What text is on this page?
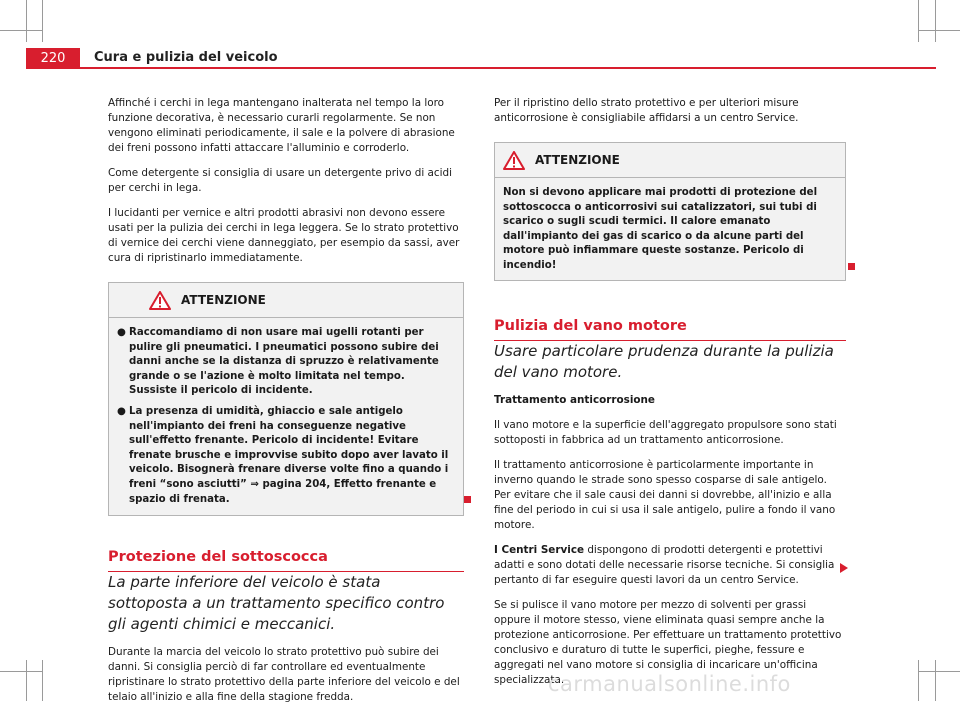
220 Cura e pulizia del veicolo

Affinché i cerchi in lega mantengano inalterata nel tempo la loro funzione decorativa, è necessario curarli regolarmente. Se non vengono eliminati periodicamente, il sale e la polvere di abrasione dei freni possono infatti attaccare l'alluminio e corroderlo.

Come detergente si consiglia di usare un detergente privo di acidi per cerchi in lega.

I lucidanti per vernice e altri prodotti abrasivi non devono essere usati per la pulizia dei cerchi in lega leggera. Se lo strato protettivo di vernice dei cerchi viene danneggiato, per esempio da sassi, aver cura di ripristinarlo immediatamente.

ATTENZIONE
● Raccomandiamo di non usare mai ugelli rotanti per pulire gli pneumatici. I pneumatici possono subire dei danni anche se la distanza di spruzzo è relativamente grande o se l'azione è molto limitata nel tempo. Sussiste il pericolo di incidente.
● La presenza di umidità, ghiaccio e sale antigelo nell'impianto dei freni ha conseguenze negative sull'effetto frenante. Pericolo di incidente! Evitare frenate brusche e improvvise subito dopo aver lavato il veicolo. Bisognerà frenare diverse volte fino a quando i freni “sono asciutti” ⇒ pagina 204, Effetto frenante e spazio di frenata.
Protezione del sottoscocca

La parte inferiore del veicolo è stata sottoposta a un trattamento specifico contro gli agenti chimici e meccanici.

Durante la marcia del veicolo lo strato protettivo può subire dei danni. Si consiglia perciò di far controllare ed eventualmente ripristinare lo strato protettivo della parte inferiore del veicolo e del telaio all'inizio e alla fine della stagione fredda.

Per il ripristino dello strato protettivo e per ulteriori misure anticorrosione è consigliabile affidarsi a un centro Service.

ATTENZIONE
Non si devono applicare mai prodotti di protezione del sottoscocca o anticorrosivi sui catalizzatori, sui tubi di scarico o sugli scudi termici. Il calore emanato dall'impianto dei gas di scarico o da alcune parti del motore può infiammare queste sostanze. Pericolo di incendio!
Pulizia del vano motore

Usare particolare prudenza durante la pulizia del vano motore.

Trattamento anticorrosione

Il vano motore e la superficie dell'aggregato propulsore sono stati sottoposti in fabbrica ad un trattamento anticorrosione.

Il trattamento anticorrosione è particolarmente importante in inverno quando le strade sono spesso cosparse di sale antigelo. Per evitare che il sale causi dei danni si dovrebbe, all'inizio e alla fine del periodo in cui si usa il sale antigelo, pulire a fondo il vano motore.

I Centri Service dispongono di prodotti detergenti e protettivi adatti e sono dotati delle necessarie risorse tecniche. Si consiglia pertanto di far eseguire questi lavori da un centro Service.

Se si pulisce il vano motore per mezzo di solventi per grassi oppure il motore stesso, viene eliminata quasi sempre anche la protezione anticorrosione. Per effettuare un trattamento protettivo conclusivo e duraturo di tutte le superfici, pieghe, fessure e aggregati nel vano motore si consiglia di incaricare un'officina specializzata.

carmanualsonline.info
